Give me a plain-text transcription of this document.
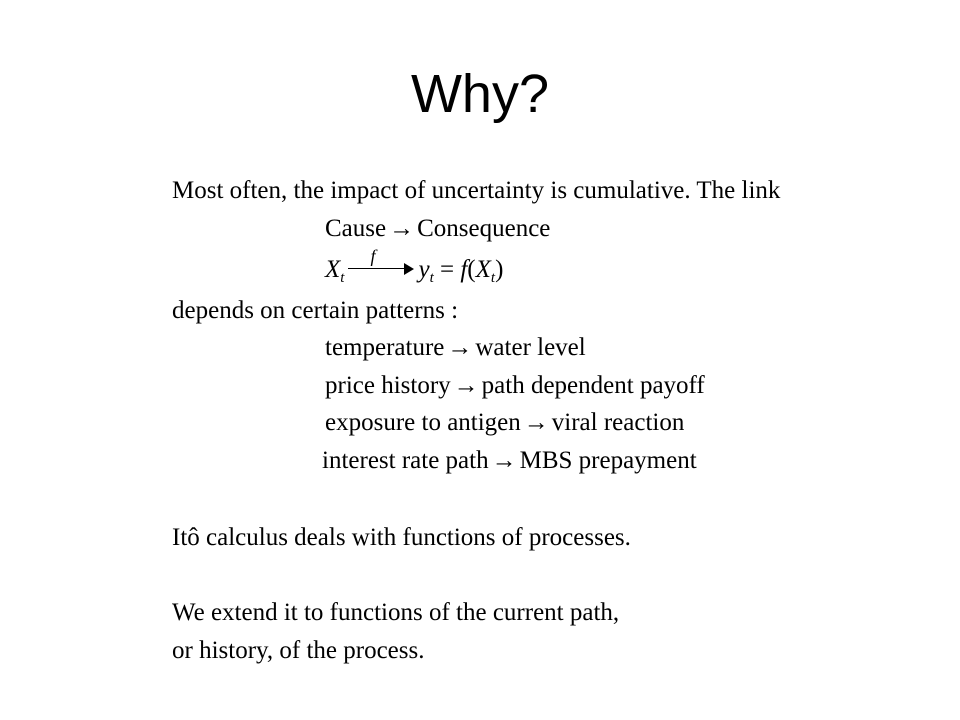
Why?
Most often, the impact of uncertainty is cumulative. The link
Cause → Consequence
$X_t$
f $y_t = f(X_t)$
depends on certain patterns :
temperature → water level
price history → path dependent payoff
exposure to antigen → viral reaction
interest rate path → MBS prepayment
Itô calculus deals with functions of processes.
We extend it to functions of the current path,
or history, of the process.
